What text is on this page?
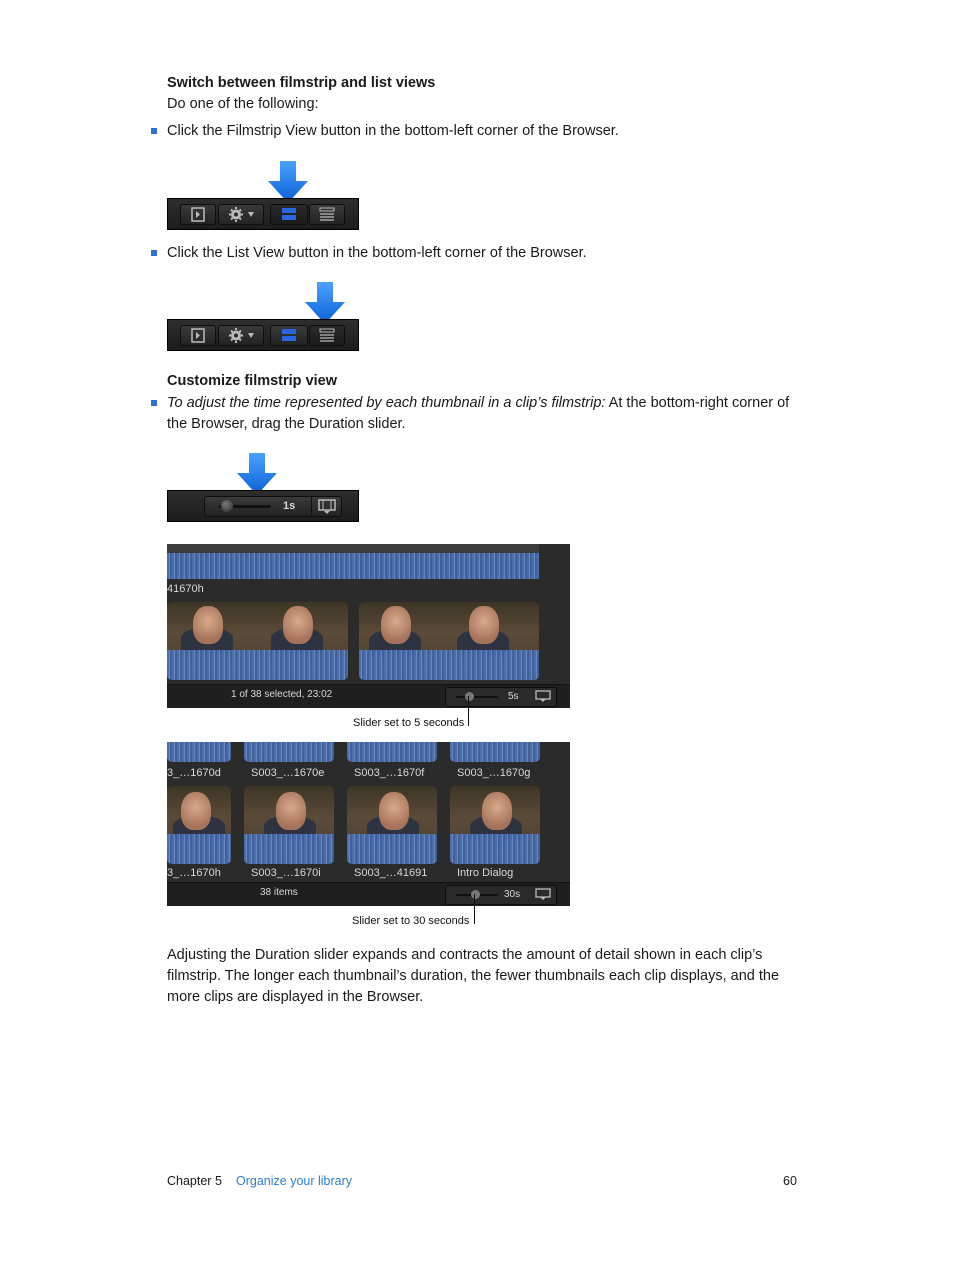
Switch between filmstrip and list views
Do one of the following:
Click the Filmstrip View button in the bottom-left corner of the Browser.
Click the List View button in the bottom-left corner of the Browser.
Customize filmstrip view
To adjust the time represented by each thumbnail in a clip’s filmstrip: At the bottom-right corner of the Browser, drag the Duration slider.
1s
41670h
1 of 38 selected, 23:02	5s
Slider set to 5 seconds
3_…1670d	S003_…1670e	S003_…1670f	S003_…1670g
3_…1670h	S003_…1670i	S003_…41691	Intro Dialog
38 items	30s
Slider set to 30 seconds
Adjusting the Duration slider expands and contracts the amount of detail shown in each clip’s filmstrip. The longer each thumbnail’s duration, the fewer thumbnails each clip displays, and the more clips are displayed in the Browser.
Chapter 5 Organize your library	60
